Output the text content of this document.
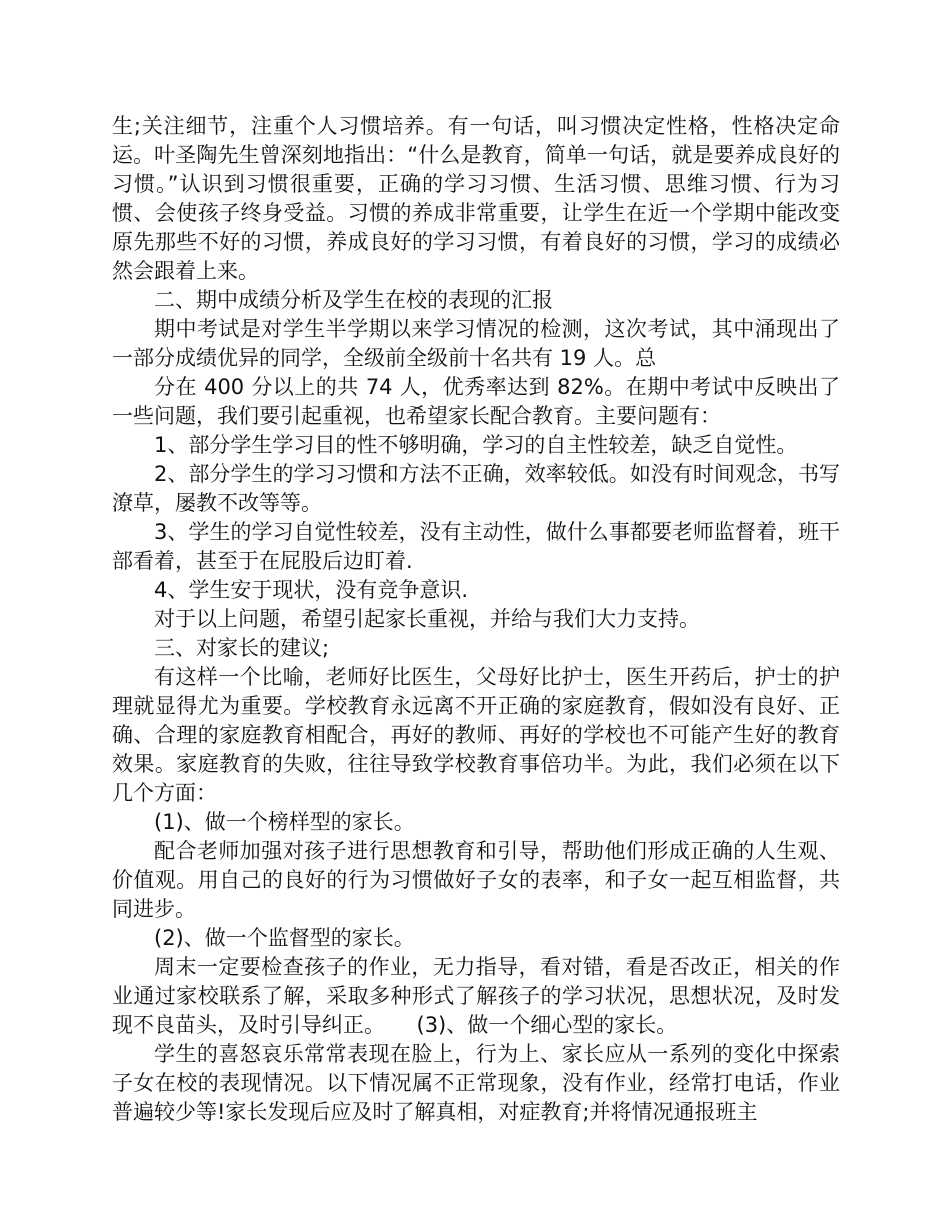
生;关注细节，注重个人习惯培养。有一句话，叫习惯决定性格，性格决定命运。叶圣陶先生曾深刻地指出：“什么是教育，简单一句话，就是要养成良好的习惯。”认识到习惯很重要，正确的学习习惯、生活习惯、思维习惯、行为习惯、会使孩子终身受益。习惯的养成非常重要，让学生在近一个学期中能改变原先那些不好的习惯，养成良好的学习习惯，有着良好的习惯，学习的成绩必然会跟着上来。

二、期中成绩分析及学生在校的表现的汇报

期中考试是对学生半学期以来学习情况的检测，这次考试，其中涌现出了一部分成绩优异的同学，全级前全级前十名共有 19 人。总

分在 400 分以上的共 74 人，优秀率达到 82%。在期中考试中反映出了一些问题，我们要引起重视，也希望家长配合教育。主要问题有：

1、部分学生学习目的性不够明确，学习的自主性较差，缺乏自觉性。

2、部分学生的学习习惯和方法不正确，效率较低。如没有时间观念，书写潦草，屡教不改等等。

3、学生的学习自觉性较差，没有主动性，做什么事都要老师监督着，班干部看着，甚至于在屁股后边盯着.

4、学生安于现状，没有竞争意识.

对于以上问题，希望引起家长重视，并给与我们大力支持。

三、对家长的建议;

有这样一个比喻，老师好比医生，父母好比护士，医生开药后，护士的护理就显得尤为重要。学校教育永远离不开正确的家庭教育，假如没有良好、正确、合理的家庭教育相配合，再好的教师、再好的学校也不可能产生好的教育效果。家庭教育的失败，往往导致学校教育事倍功半。为此，我们必须在以下几个方面：

(1)、做一个榜样型的家长。

配合老师加强对孩子进行思想教育和引导，帮助他们形成正确的人生观、价值观。用自己的良好的行为习惯做好子女的表率，和子女一起互相监督，共同进步。

(2)、做一个监督型的家长。

周末一定要检查孩子的作业，无力指导，看对错，看是否改正，相关的作业通过家校联系了解，采取多种形式了解孩子的学习状况，思想状况，及时发现不良苗头，及时引导纠正。　　(3)、做一个细心型的家长。

学生的喜怒哀乐常常表现在脸上，行为上、家长应从一系列的变化中探索子女在校的表现情况。以下情况属不正常现象，没有作业，经常打电话，作业普遍较少等!家长发现后应及时了解真相，对症教育;并将情况通报班主
